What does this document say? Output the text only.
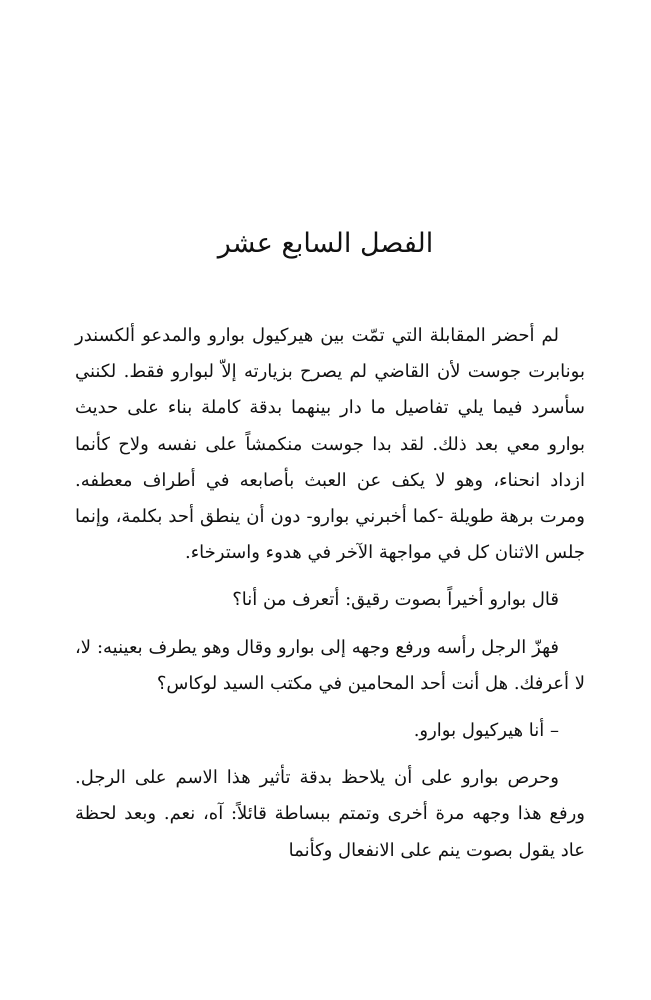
الفصل السابع عشر

لم أحضر المقابلة التي تمّت بين هيركيول بوارو والمدعو ألكسندر بونابرت جوست لأن القاضي لم يصرح بزيارته إلاّ لبوارو فقط. لكنني سأسرد فيما يلي تفاصيل ما دار بينهما بدقة كاملة بناء على حديث بوارو معي بعد ذلك. لقد بدا جوست منكمشاً على نفسه ولاح كأنما ازداد انحناء، وهو لا يكف عن العبث بأصابعه في أطراف معطفه. ومرت برهة طويلة -كما أخبرني بوارو- دون أن ينطق أحد بكلمة، وإنما جلس الاثنان كل في مواجهة الآخر في هدوء واسترخاء.

قال بوارو أخيراً بصوت رقيق: أتعرف من أنا؟

فهزّ الرجل رأسه ورفع وجهه إلى بوارو وقال وهو يطرف بعينيه: لا، لا أعرفك. هل أنت أحد المحامين في مكتب السيد لوكاس؟

– أنا هيركيول بوارو.

وحرص بوارو على أن يلاحظ بدقة تأثير هذا الاسم على الرجل. ورفع هذا وجهه مرة أخرى وتمتم ببساطة قائلاً: آه، نعم. وبعد لحظة عاد يقول بصوت ينم على الانفعال وكأنما
